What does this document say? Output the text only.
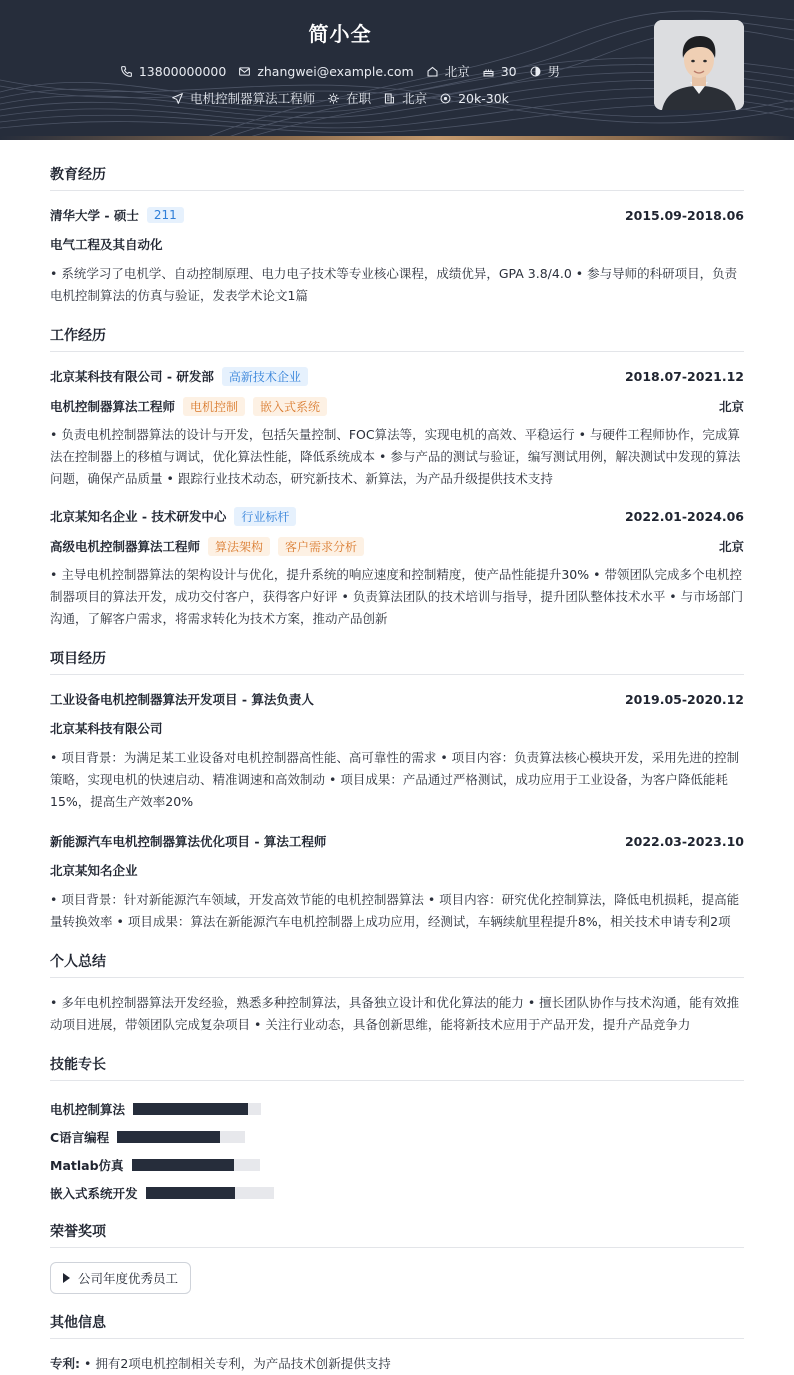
简小全
13800000000 zhangwei@example.com 北京 30 男
电机控制器算法工程师 在职 北京 20k-30k
教育经历
清华大学 - 硕士	211	2015.09-2018.06
电气工程及其自动化
• 系统学习了电机学、自动控制原理、电力电子技术等专业核心课程，成绩优异，GPA 3.8/4.0 • 参与导师的科研项目，负责电机控制算法的仿真与验证，发表学术论文1篇
工作经历
北京某科技有限公司 - 研发部	高新技术企业	2018.07-2021.12
电机控制器算法工程师	电机控制	嵌入式系统	北京
• 负责电机控制器算法的设计与开发，包括矢量控制、FOC算法等，实现电机的高效、平稳运行 • 与硬件工程师协作，完成算法在控制器上的移植与调试，优化算法性能，降低系统成本 • 参与产品的测试与验证，编写测试用例，解决测试中发现的算法问题，确保产品质量 • 跟踪行业技术动态，研究新技术、新算法，为产品升级提供技术支持
北京某知名企业 - 技术研发中心	行业标杆	2022.01-2024.06
高级电机控制器算法工程师	算法架构	客户需求分析	北京
• 主导电机控制器算法的架构设计与优化，提升系统的响应速度和控制精度，使产品性能提升30% • 带领团队完成多个电机控制器项目的算法开发，成功交付客户，获得客户好评 • 负责算法团队的技术培训与指导，提升团队整体技术水平 • 与市场部门沟通，了解客户需求，将需求转化为技术方案，推动产品创新
项目经历
工业设备电机控制器算法开发项目 - 算法负责人	2019.05-2020.12
北京某科技有限公司
• 项目背景：为满足某工业设备对电机控制器高性能、高可靠性的需求 • 项目内容：负责算法核心模块开发，采用先进的控制策略，实现电机的快速启动、精准调速和高效制动 • 项目成果：产品通过严格测试，成功应用于工业设备，为客户降低能耗15%，提高生产效率20%
新能源汽车电机控制器算法优化项目 - 算法工程师	2022.03-2023.10
北京某知名企业
• 项目背景：针对新能源汽车领域，开发高效节能的电机控制器算法 • 项目内容：研究优化控制算法，降低电机损耗，提高能量转换效率 • 项目成果：算法在新能源汽车电机控制器上成功应用，经测试，车辆续航里程提升8%，相关技术申请专利2项
个人总结
• 多年电机控制器算法开发经验，熟悉多种控制算法，具备独立设计和优化算法的能力 • 擅长团队协作与技术沟通，能有效推动项目进展，带领团队完成复杂项目 • 关注行业动态，具备创新思维，能将新技术应用于产品开发，提升产品竞争力
技能专长
电机控制算法
C语言编程
Matlab仿真
嵌入式系统开发
荣誉奖项
公司年度优秀员工
其他信息
专利: • 拥有2项电机控制相关专利，为产品技术创新提供支持
